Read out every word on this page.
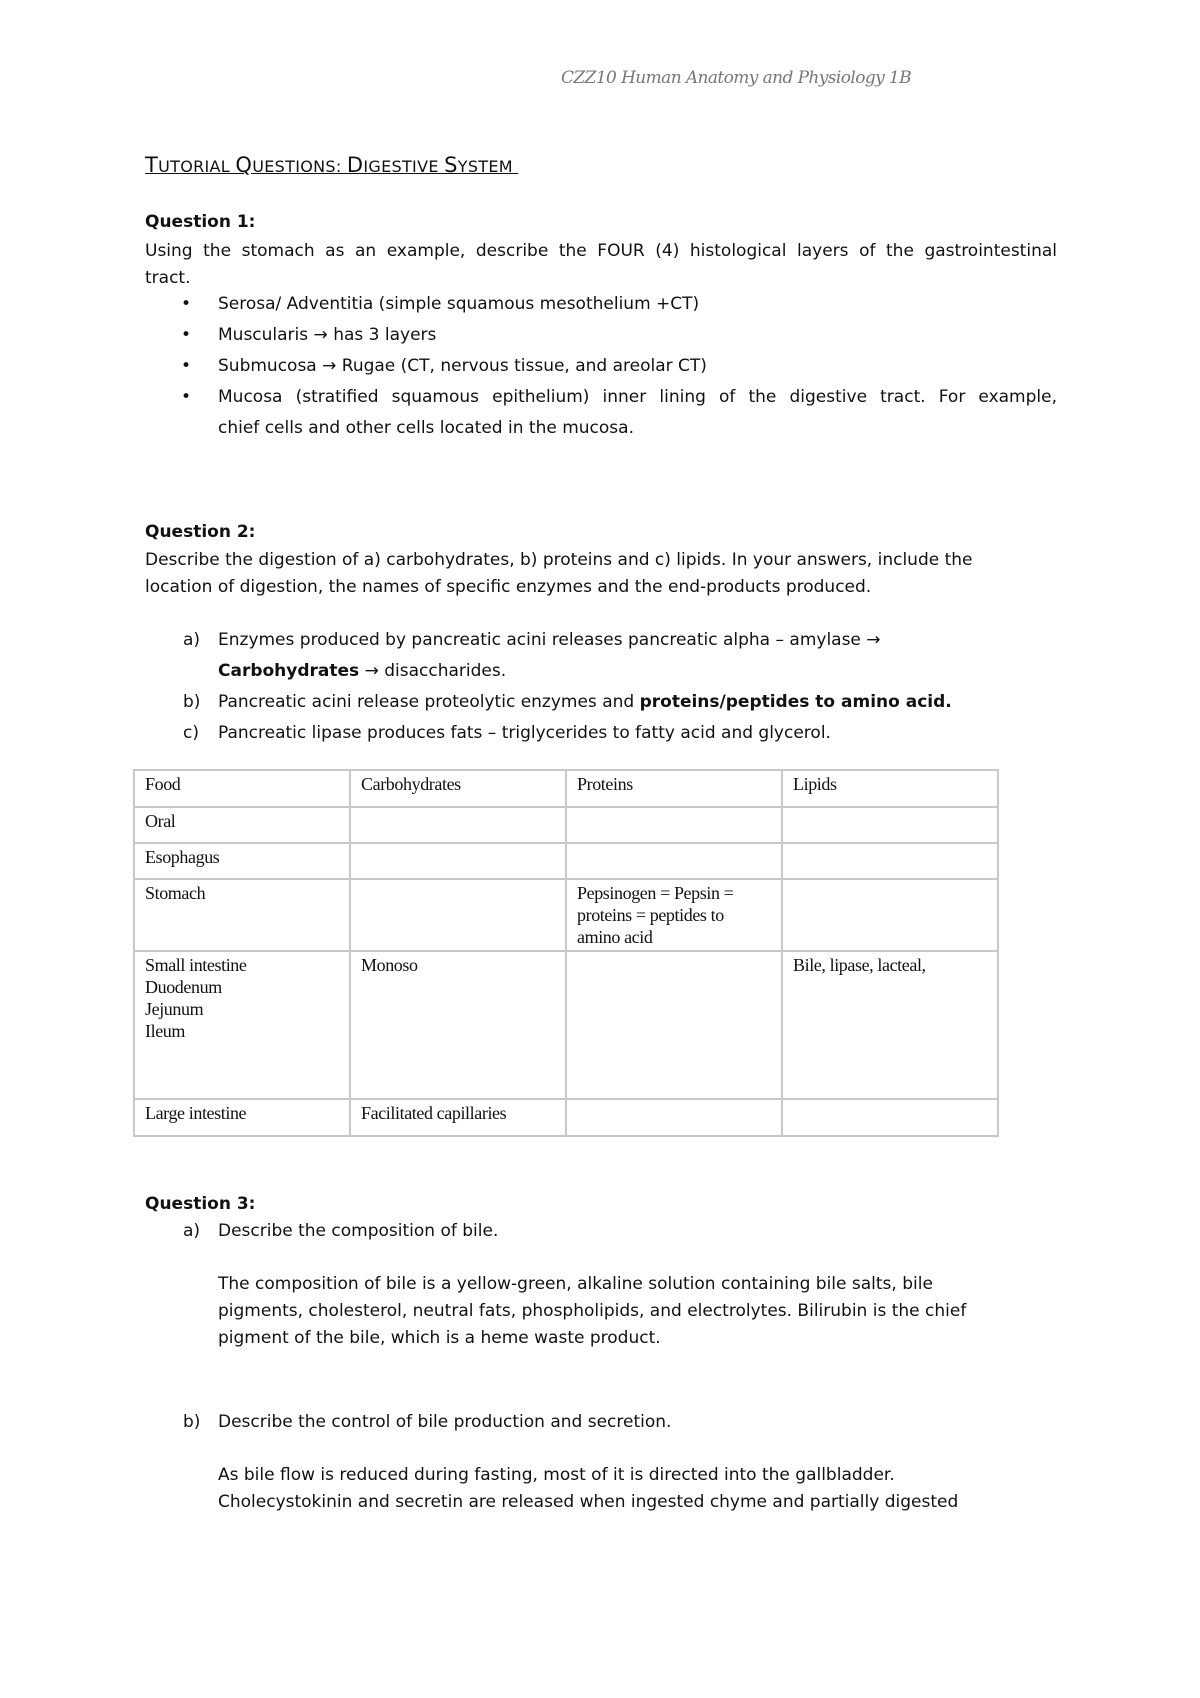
CZZ10 Human Anatomy and Physiology 1B
TUTORIAL QUESTIONS: DIGESTIVE SYSTEM
Question 1:
Using the stomach as an example, describe the FOUR (4) histological layers of the gastrointestinal
tract.
• Serosa/ Adventitia (simple squamous mesothelium +CT)
• Muscularis → has 3 layers
• Submucosa → Rugae (CT, nervous tissue, and areolar CT)
• Mucosa (stratified squamous epithelium) inner lining of the digestive tract. For example,
chief cells and other cells located in the mucosa.
Question 2:
Describe the digestion of a) carbohydrates, b) proteins and c) lipids. In your answers, include the
location of digestion, the names of specific enzymes and the end-products produced.
a) Enzymes produced by pancreatic acini releases pancreatic alpha – amylase →
Carbohydrates → disaccharides.
b) Pancreatic acini release proteolytic enzymes and proteins/peptides to amino acid.
c) Pancreatic lipase produces fats – triglycerides to fatty acid and glycerol.
Food	Carbohydrates	Proteins	Lipids

Oral			

Esophagus			

Stomach		Pepsinogen = Pepsin =
proteins = peptides to
amino acid	

Small intestine
Duodenum
Jejunum
Ileum	Monoso		Bile, lipase, lacteal,

Large intestine	Facilitated capillaries		

Question 3:
a) Describe the composition of bile.
The composition of bile is a yellow-green, alkaline solution containing bile salts, bile
pigments, cholesterol, neutral fats, phospholipids, and electrolytes. Bilirubin is the chief
pigment of the bile, which is a heme waste product.
b) Describe the control of bile production and secretion.
As bile flow is reduced during fasting, most of it is directed into the gallbladder.
Cholecystokinin and secretin are released when ingested chyme and partially digested
